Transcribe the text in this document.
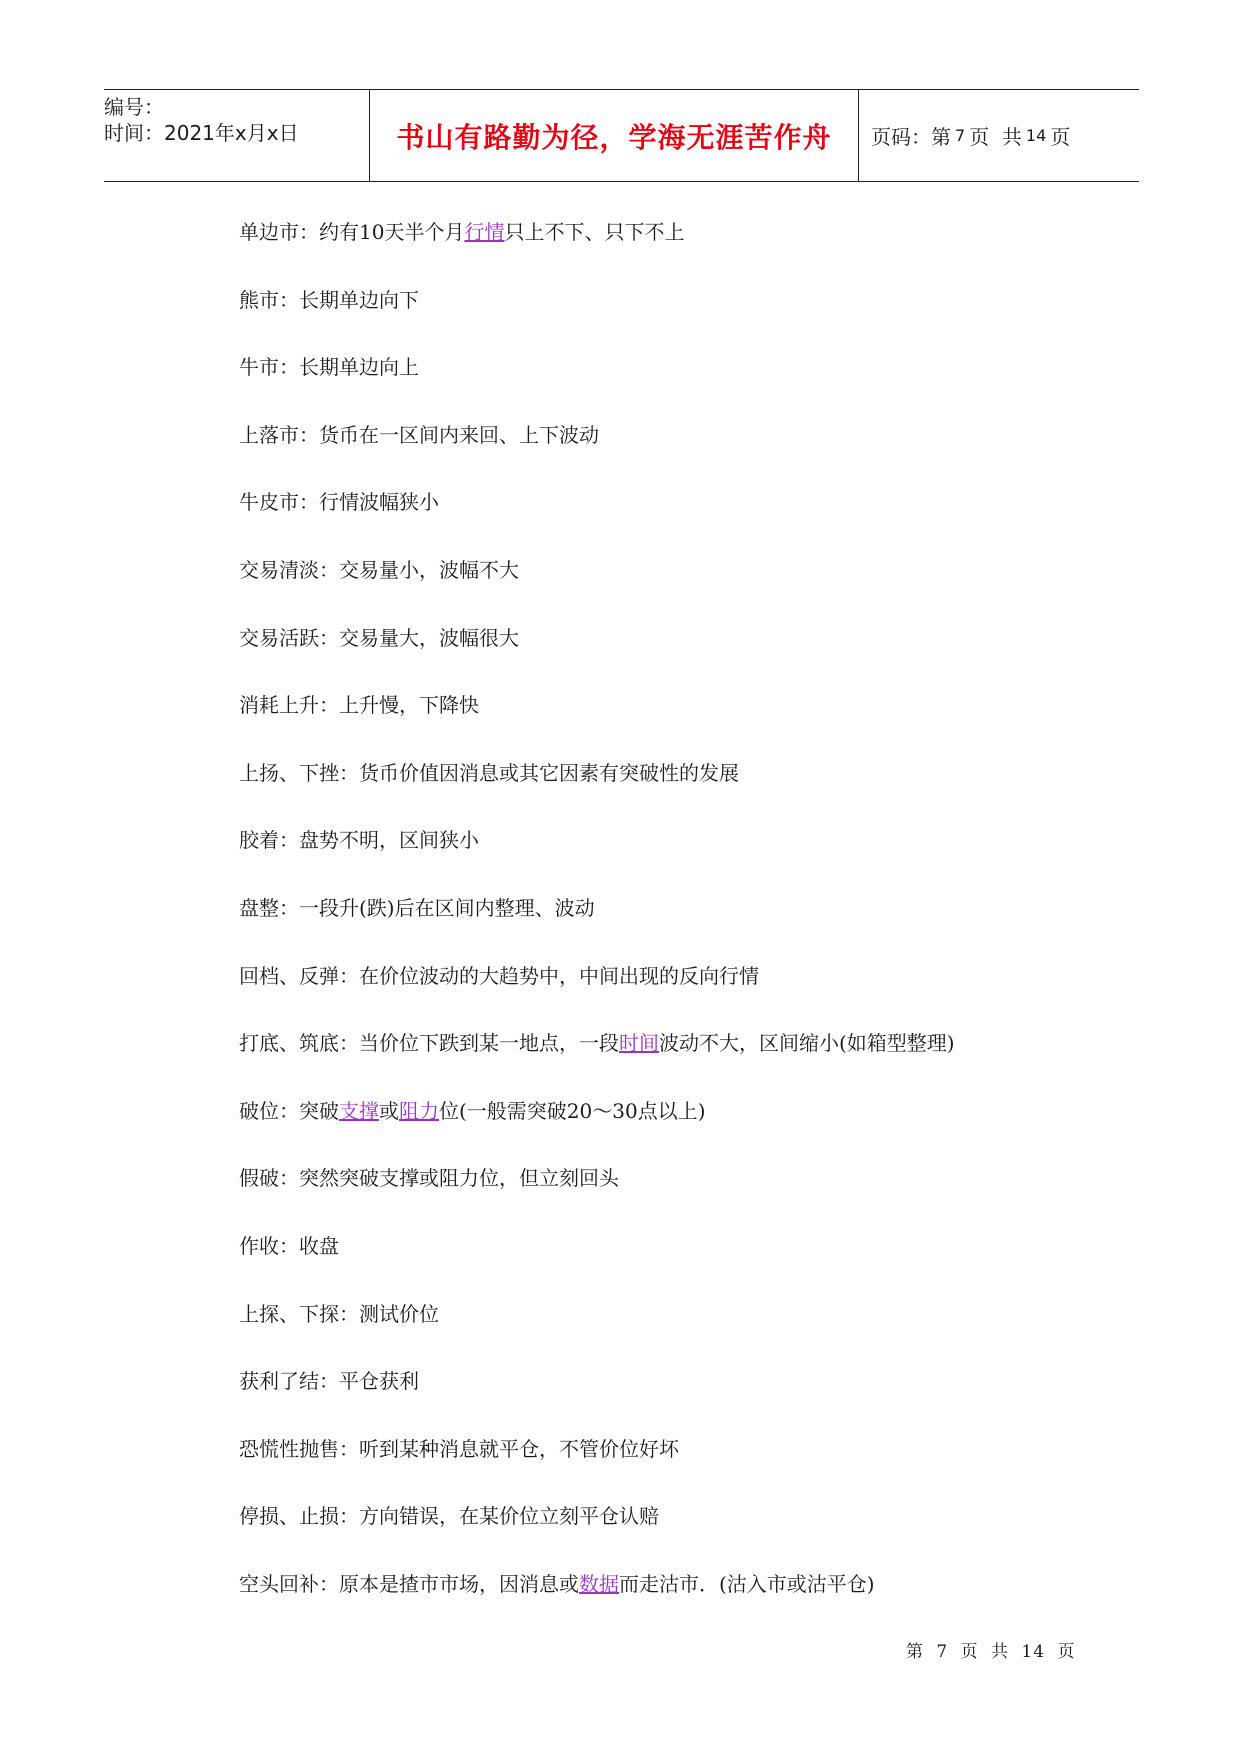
编号：
时间：2021年x月x日	书山有路勤为径，学海无涯苦作舟 页码：第 7 页  共 14 页
单边市：约有10天半个月行情只上不下、只下不上
熊市：长期单边向下
牛市：长期单边向上
上落市：货币在一区间内来回、上下波动
牛皮市：行情波幅狭小
交易清淡：交易量小，波幅不大
交易活跃：交易量大，波幅很大
消耗上升：上升慢，下降快
上扬、下挫：货币价值因消息或其它因素有突破性的发展
胶着：盘势不明，区间狭小
盘整：一段升(跌)后在区间内整理、波动
回档、反弹：在价位波动的大趋势中，中间出现的反向行情
打底、筑底：当价位下跌到某一地点，一段时间波动不大，区间缩小(如箱型整理)
破位：突破支撑或阻力位(一般需突破20～30点以上)
假破：突然突破支撑或阻力位，但立刻回头
作收：收盘
上探、下探：测试价位
获利了结：平仓获利
恐慌性抛售：听到某种消息就平仓，不管价位好坏
停损、止损：方向错误，在某价位立刻平仓认赔
空头回补：原本是揸市市场，因消息或数据而走沽市．(沽入市或沽平仓)
第 7 页 共 14 页
